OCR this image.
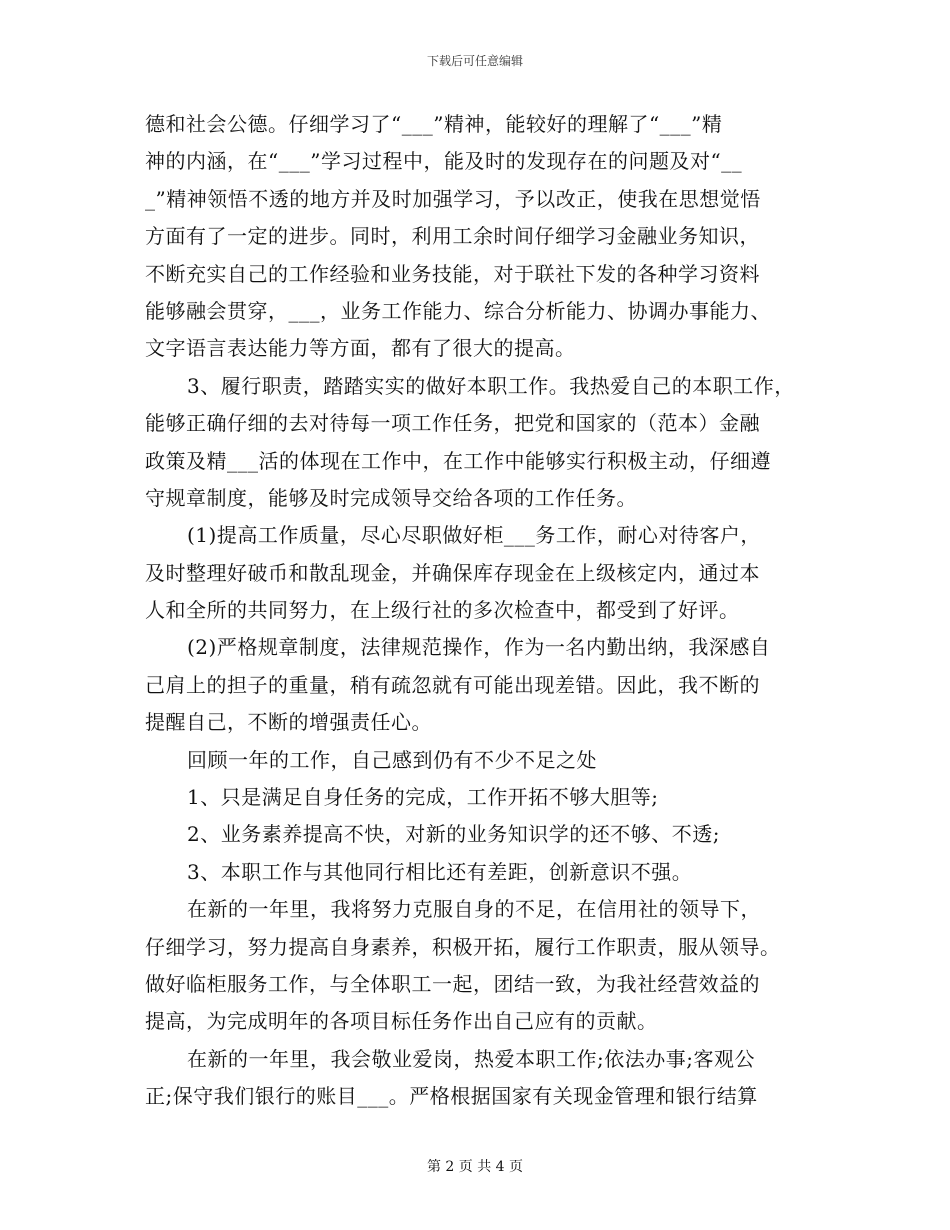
下载后可任意编辑
德和社会公德。仔细学习了“___”精神，能较好的理解了“___”精
神的内涵，在“___”学习过程中，能及时的发现存在的问题及对“__
_”精神领悟不透的地方并及时加强学习，予以改正，使我在思想觉悟
方面有了一定的进步。同时，利用工余时间仔细学习金融业务知识，
不断充实自己的工作经验和业务技能，对于联社下发的各种学习资料
能够融会贯穿，___，业务工作能力、综合分析能力、协调办事能力、
文字语言表达能力等方面，都有了很大的提高。
3、履行职责，踏踏实实的做好本职工作。我热爱自己的本职工作，
能够正确仔细的去对待每一项工作任务，把党和国家的（范本）金融
政策及精___活的体现在工作中，在工作中能够实行积极主动，仔细遵
守规章制度，能够及时完成领导交给各项的工作任务。
(1)提高工作质量，尽心尽职做好柜___务工作，耐心对待客户，
及时整理好破币和散乱现金，并确保库存现金在上级核定内，通过本
人和全所的共同努力，在上级行社的多次检查中，都受到了好评。
(2)严格规章制度，法律规范操作，作为一名内勤出纳，我深感自
己肩上的担子的重量，稍有疏忽就有可能出现差错。因此，我不断的
提醒自己，不断的增强责任心。
回顾一年的工作，自己感到仍有不少不足之处
1、只是满足自身任务的完成，工作开拓不够大胆等;
2、业务素养提高不快，对新的业务知识学的还不够、不透;
3、本职工作与其他同行相比还有差距，创新意识不强。
在新的一年里，我将努力克服自身的不足，在信用社的领导下，
仔细学习，努力提高自身素养，积极开拓，履行工作职责，服从领导。
做好临柜服务工作，与全体职工一起，团结一致，为我社经营效益的
提高，为完成明年的各项目标任务作出自己应有的贡献。
在新的一年里，我会敬业爱岗，热爱本职工作;依法办事;客观公
正;保守我们银行的账目___。严格根据国家有关现金管理和银行结算
第 2 页 共 4 页
